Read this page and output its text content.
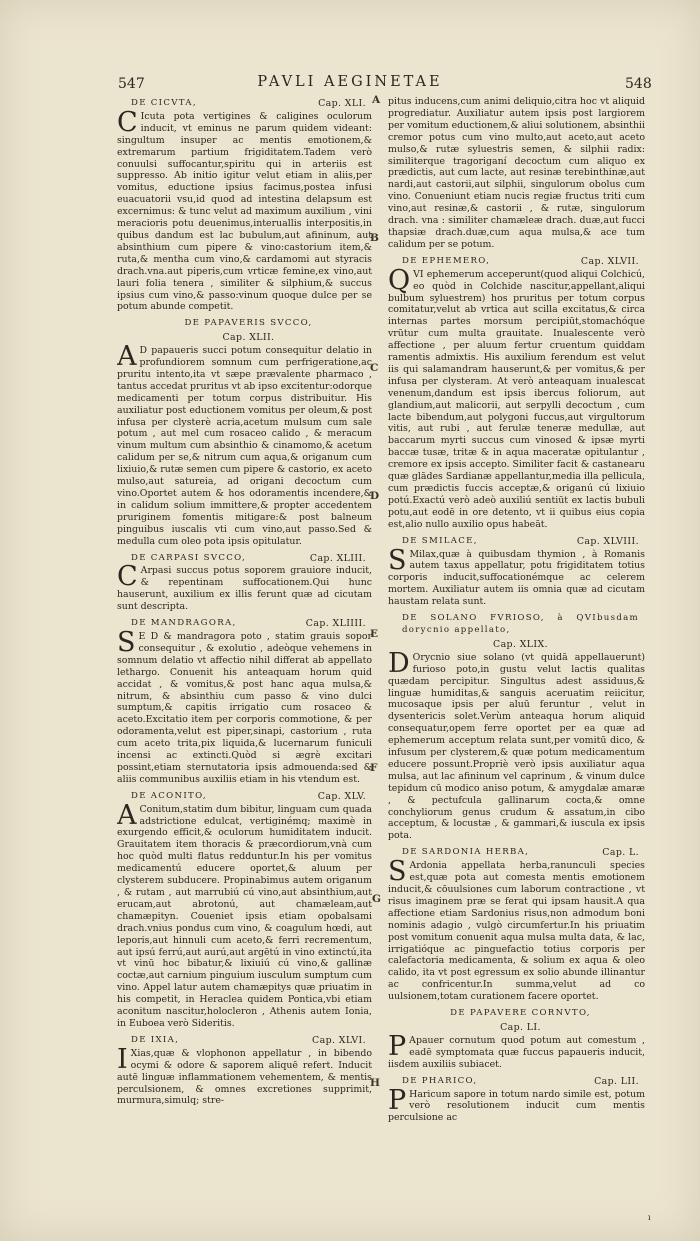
547	PAVLI AEGINETAE	548
A
B
C
D
E
F
G
H
DE CICVTA,	Cap. XLI.

C Icuta pota vertigines & caligines oculorum inducit, vt eminus ne parum quidem videant: singultum insuper ac mentis emotionem,& extremarum partium frigiditatem.Tadem verò conuulsi suffocantur,spiritu qui in arteriis est suppresso. Ab initio igitur velut etiam in aliis,per vomitus, eductione ipsius facimus,postea infusi euacuatorii vsu,id quod ad intestina delapsum est excernimus: & tunc velut ad maximum auxilium , vini meracioris potu deuenimus,interuallis interpositis,in quibus dandum est lac bubulum,aut afininum, aut absinthium cum pipere & vino:castorium item,& ruta,& mentha cum vino,& cardamomi aut styracis drach.vna.aut piperis,cum vrticæ femine,ex vino,aut lauri folia tenera , similiter & silphium,& succus ipsius cum vino,& passo:vinum quoque dulce per se potum abunde competit.

DE PAPAVERIS SVCCO,
Cap. XLII.

A D papaueris succi potum consequitur delatio in profundiorem somnum cum perfrigeratione,ac pruritu intento,ita vt sæpe prævalente pharmaco , tantus accedat pruritus vt ab ipso excitentur:odorque medicamenti per totum corpus distribuitur. His auxiliatur post eductionem vomitus per oleum,& post infusa per clysterè acria,acetum mulsum cum sale potum , aut mel cum rosaceo calido , & meracum vinum multum cum absinthio & cinamomo,& acetum calidum per se,& nitrum cum aqua,& origanum cum lixiuio,& rutæ semen cum pipere & castorio, ex aceto mulso,aut satureia, ad origani decoctum cum vino.Oportet autem & hos odoramentis incendere,& in calidum solium immittere,& propter accedentem pruriginem fomentis mitigare:& post balneum pinguibus iuscalis vti cum vino,aut passo.Sed & medulla cum oleo pota ipsis opitulatur.

DE CARPASI SVCCO,	Cap. XLIII.

C Arpasi succus potus soporem grauiore inducit, & repentinam suffocationem.Qui hunc hauserunt, auxilium ex illis ferunt quæ ad cicutam sunt descripta.

DE MANDRAGORA,	Cap. XLIIII.

S E D & mandragora poto , statim grauis sopor consequitur , & exolutio , adeòque vehemens in somnum delatio vt affectio nihil differat ab appellato lethargo. Conuenit his anteaquam horum quid accidat , & vomitus,& post hanc aqua mulsa,& nitrum, & absinthiu cum passo & vino dulci sumptum,& capitis irrigatio cum rosaceo & aceto.Excitatio item per corporis commotione, & per odoramenta,velut est piper,sinapi, castorium , ruta cum aceto trita,pix liquida,& lucernarum funiculi incensi ac extincti.Quòd si ægrè excitari possint,etiam sternutatoria ipsis admouenda:sed & aliis communibus auxiliis etiam in his vtendum est.

DE ACONITO,	Cap. XLV.

A Conitum,statim dum bibitur, linguam cum quada adstrictione edulcat, vertiginémq; maximè in exurgendo efficit,& oculorum humiditatem inducit. Grauitatem item thoracis & præcordiorum,vnà cum hoc quòd multi flatus redduntur.In his per vomitus medicamentú educere oportet,& aluum per clysterem subducere. Propinabimus autem origanum , & rutam , aut marrubiú cú vino,aut absinthium,aut erucam,aut abrotonú, aut chamæleam,aut chamæpityn. Coueniet ipsis etiam opobalsami drach.vnius pondus cum vino, & coagulum hœdi, aut leporis,aut hinnuli cum aceto,& ferri recrementum, aut ipsú ferrú,aut aurú,aut argētú in vino extinctú,ita vt vinū hoc bibatur,& lixiuiú cú vino,& gallinæ coctæ,aut carnium pinguium iusculum sumptum cum vino. Appel latur autem chamæpitys quæ priuatim in his competit, in Heraclea quidem Pontica,vbi etiam aconitum nascitur,holocleron , Athenis autem Ionia, in Euboea verò Sideritis.

DE IXIA,	Cap. XLVI.

I Xias,quæ & vlophonon appellatur , in bibendo ocymi & odore & saporem aliquē refert. Inducit autē linguæ inflammationem vehementem, & mentis perculsionem, & omnes excretiones supprimit, murmura,simulq; stre-

pitus inducens,cum animi deliquio,citra hoc vt aliquid progrediatur. Auxiliatur autem ipsis post largiorem per vomitum eductionem,& aliui solutionem, absinthii cremor potus cum vino multo,aut aceto,aut aceto mulso,& rutæ syluestris semen, & silphii radix: similiterque tragoriganí decoctum cum aliquo ex prædictis, aut cum lacte, aut resinæ terebinthinæ,aut nardi,aut castorii,aut silphii, singulorum obolus cum vino. Conueniunt etiam nucis regiæ fructus triti cum vino,aut resinæ,& castorii , & rutæ, singulorum drach. vna : similiter chamæleæ drach. duæ,aut fucci thapsiæ drach.duæ,cum aqua mulsa,& ace tum calidum per se potum.

DE EPHEMERO,	Cap. XLVII.

QVI ephemerum acceperunt(quod aliqui Colchicú, eo quòd in Colchide nascitur,appellant,aliqui bulbum syluestrem) hos pruritus per totum corpus comitatur,velut ab vrtica aut scilla excitatus,& circa internas partes morsum percipiūt,stomachóque vrūtur cum multa grauitate. Inualescente verò affectione , per aluum fertur cruentum quiddam ramentis admixtis. His auxilium ferendum est velut iis qui salamandram hauserunt,& per vomitus,& per infusa per clysteram. At verò anteaquam inualescat venenum,dandum est ipsis ibercus foliorum, aut glandium,aut malicorii, aut serpylli decoctum , cum lacte bibendum,aut polygoni fuccus,aut virgultorum vitis, aut rubi , aut ferulæ teneræ medullæ, aut baccarum myrti succus cum vinosed & ipsæ myrti baccæ tusæ, tritæ & in aqua maceratæ opitulantur , cremore ex ipsis accepto. Similiter facit & castanearu quæ glādes Sardianæ appellantur,media illa pellicula, cum prædictis fuccis acceptæ,& origanú cú lixiuio potú.Exactú verò adeò auxiliú sentiūt ex lactis bubuli potu,aut eodē in ore detento, vt ii quibus eius copia est,alio nullo auxilio opus habeāt.

DE SMILACE,	Cap. XLVIII.

S Milax,quæ à quibusdam thymion , à Romanis autem taxus appellatur, potu frigiditatem totius corporis inducit,suffocationémque ac celerem mortem. Auxiliatur autem iis omnia quæ ad cicutam haustam relata sunt.

DE SOLANO FVRIOSO, à QVIbusdam dorycnio appellato,
Cap. XLIX.

D Orycnio siue solano (vt quidā appellauerunt) furioso poto,in gustu velut lactis qualitas quædam percipitur. Singultus adest assiduus,& linguæ humiditas,& sanguis aceruatim reiicitur, mucosaque ipsis per aluū feruntur , velut in dysentericis solet.Verùm anteaqua horum aliquid consequatur,opem ferre oportet per ea quæ ad ephemerum acceptum relata sunt,per vomitū dico, & infusum per clysterem,& quæ potum medicamentum educere possunt.Propriè verò ipsis auxiliatur aqua mulsa, aut lac afininum vel caprinum , & vinum dulce tepidum cū modico aniso potum, & amygdalæ amaræ , & pectufcula gallinarum cocta,& omne conchyliorum genus crudum & assatum,in cibo acceptum, & locustæ , & gammari,& iuscula ex ipsis pota.

DE SARDONIA HERBA,	Cap. L.

S Ardonia appellata herba,ranunculi species est,quæ pota aut comesta mentis emotionem inducit,& cōuulsiones cum laborum contractione , vt risus imaginem præ se ferat qui ipsam hausit.A qua affectione etiam Sardonius risus,non admodum boni nominis adagio , vulgò circumfertur.In his priuatim post vomitum conuenit aqua mulsa multa data, & lac, irrigatióque ac pinguefactio totius corporis per calefactoria medicamenta, & solium ex aqua & oleo calido, ita vt post egressum ex solio abunde illinantur ac confricentur.In summa,velut ad co uulsionem,totam curationem facere oportet.

DE PAPAVERE CORNVTO,
Cap. LI.

P Apauer cornutum quod potum aut comestum , eadē symptomata quæ fuccus papaueris inducit, iisdem auxiliis subiacet.

DE PHARICO,	Cap. LII.

P Haricum sapore in totum nardo simile est, potum verò resolutionem inducit cum mentis perculsione ac

ı
